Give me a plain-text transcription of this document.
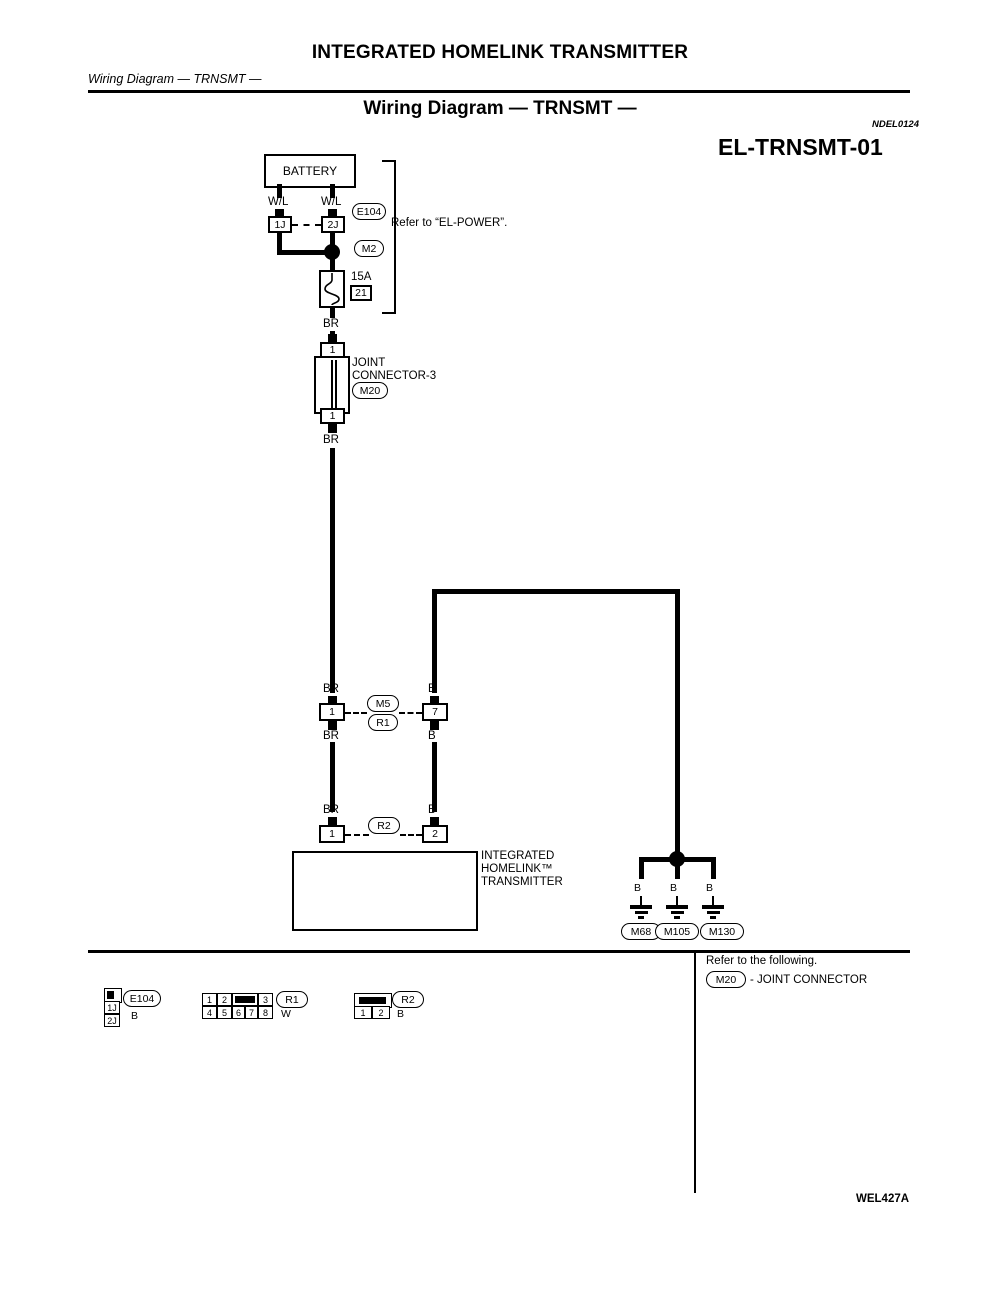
INTEGRATED HOMELINK TRANSMITTER
Wiring Diagram — TRNSMT —
Wiring Diagram — TRNSMT —
NDEL0124
EL-TRNSMT-01
BATTERY
W/L	W/L
1J	2J
E104
M2
Refer to “EL-POWER”.
15A
21
BR
1
1
JOINT
CONNECTOR-3
M20
BR
BR	B
1	7
M5
R1
BR	B
BR	B
1	2
R2
INTEGRATED
HOMELINK™
TRANSMITTER	B	B	B
M68 M105 M130
Refer to the following.
M20 - JOINT CONNECTOR
1J
2J
E104
B
1 2	3
4 5 6 7 8
R1
W	1 2
R2
B
WEL427A
